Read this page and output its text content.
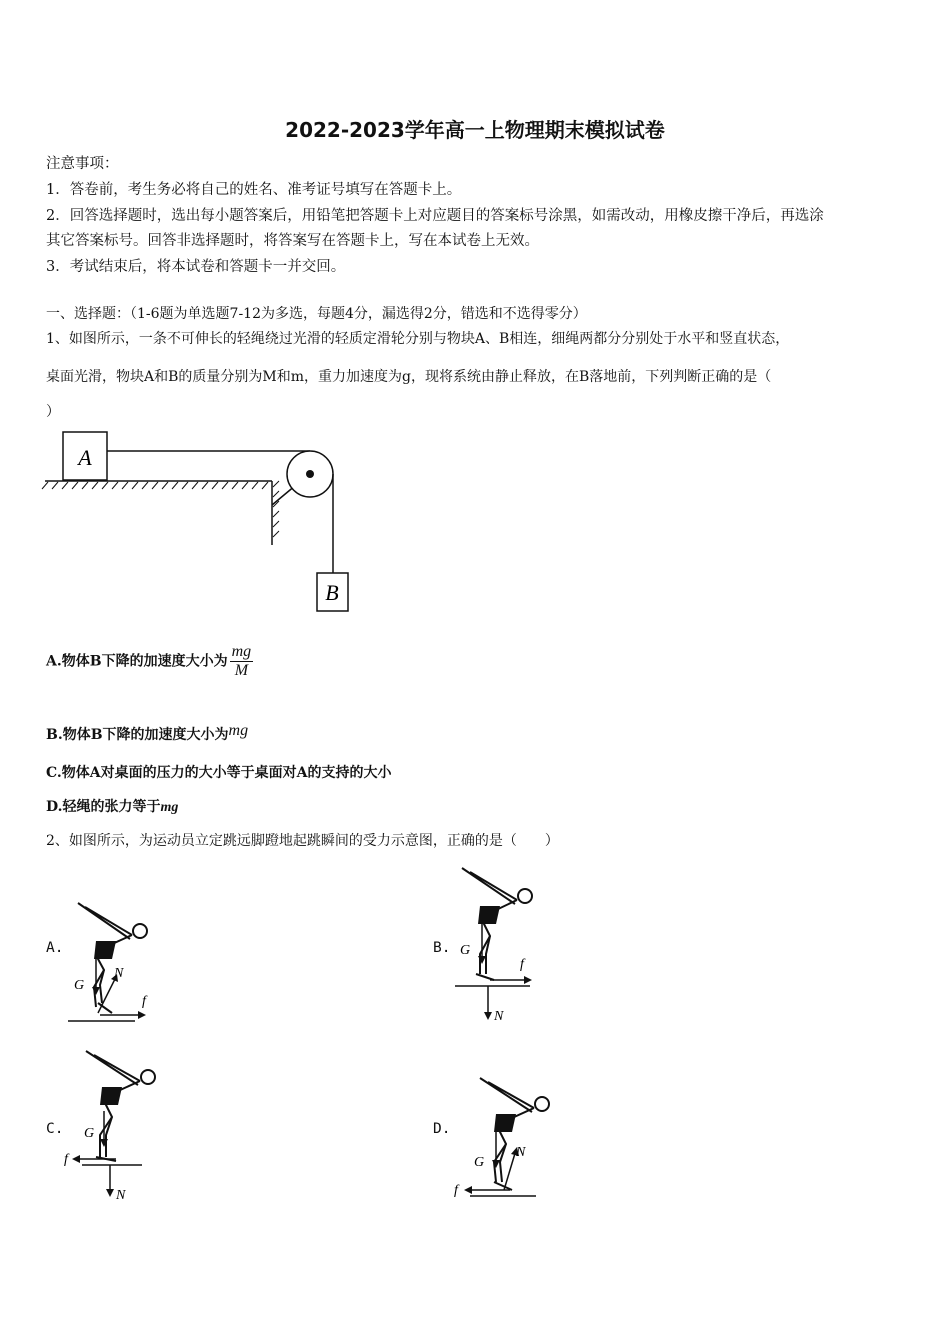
2022-2023学年高一上物理期末模拟试卷
注意事项：
1．答卷前，考生务必将自己的姓名、准考证号填写在答题卡上。
2．回答选择题时，选出每小题答案后，用铅笔把答题卡上对应题目的答案标号涂黑，如需改动，用橡皮擦干净后，再选涂
其它答案标号。回答非选择题时，将答案写在答题卡上，写在本试卷上无效。
3．考试结束后，将本试卷和答题卡一并交回。
一、选择题：（1-6题为单选题7-12为多选，每题4分，漏选得2分，错选和不选得零分）
1、如图所示，一条不可伸长的轻绳绕过光滑的轻质定滑轮分别与物块A、B相连，细绳两都分分别处于水平和竖直状态，
桌面光滑，物块A和B的质量分别为M和m，重力加速度为g，现将系统由静止释放，在B落地前，下列判断正确的是（
）
A
B
A.物体B下降的加速度大小为 $\frac{mg}{M}$
B.物体B下降的加速度大小为mg
C.物体A对桌面的压力的大小等于桌面对A的支持的大小
D.轻绳的张力等于mg
2、如图所示，为运动员立定跳远脚蹬地起跳瞬间的受力示意图，正确的是（　　）
A.
G
N
f
B. G
N
f
C. G
N
f
D.
G
N
f
